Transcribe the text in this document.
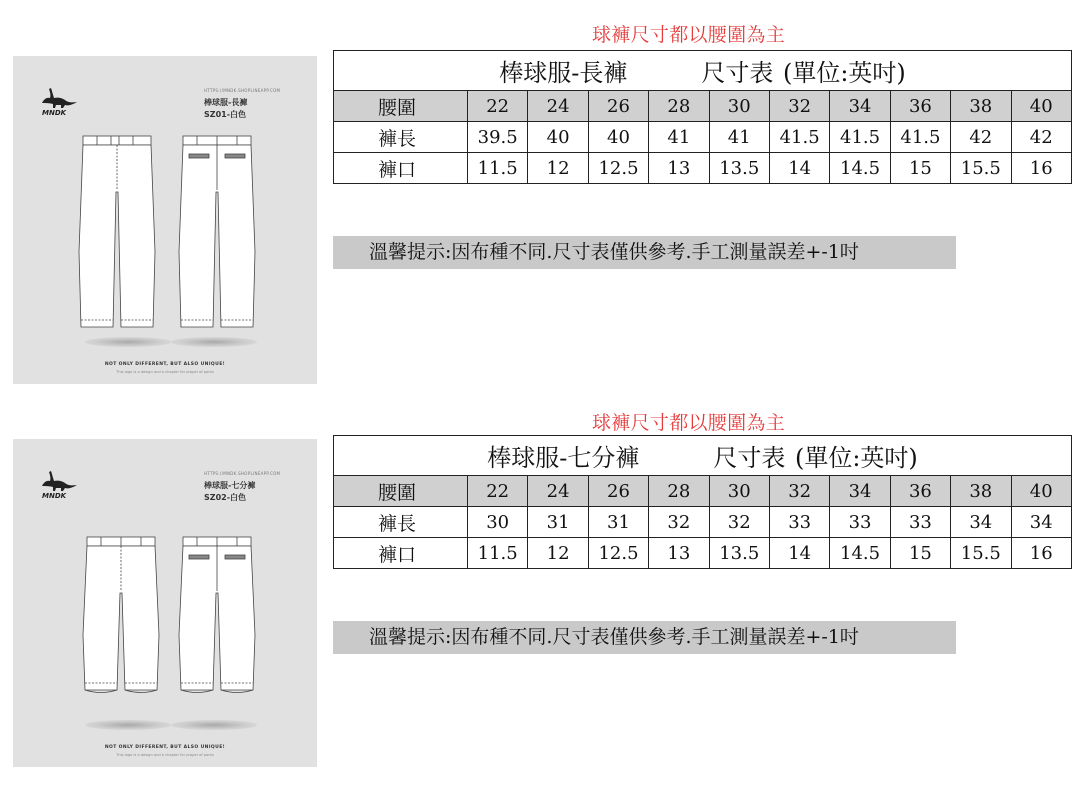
MNDK
HTTPS://MNDK.SHOPLINEAPP.COM
棒球服-長褲
SZ01-白色
NOT ONLY DIFFERENT, BUT ALSO UNIQUE!
This logo is a design and a chapter for proper of pants
球褲尺寸都以腰圍為主
棒球服-長褲 尺寸表 (單位:英吋)										
腰圍	22	24	26	28	30	32	34	36	38	40
褲長	39.5	40	40	41	41	41.5	41.5	41.5	42	42
褲口	11.5	12	12.5	13	13.5	14	14.5	15	15.5	16
溫馨提示:因布種不同.尺寸表僅供參考.手工測量誤差+-1吋
MNDK
HTTPS://MNDK.SHOPLINEAPP.COM
棒球服-七分褲
SZ02-白色
NOT ONLY DIFFERENT, BUT ALSO UNIQUE!
This logo is a design and a chapter for proper of pants
球褲尺寸都以腰圍為主
棒球服-七分褲 尺寸表 (單位:英吋)										
腰圍	22	24	26	28	30	32	34	36	38	40
褲長	30	31	31	32	32	33	33	33	34	34
褲口	11.5	12	12.5	13	13.5	14	14.5	15	15.5	16
溫馨提示:因布種不同.尺寸表僅供參考.手工測量誤差+-1吋
